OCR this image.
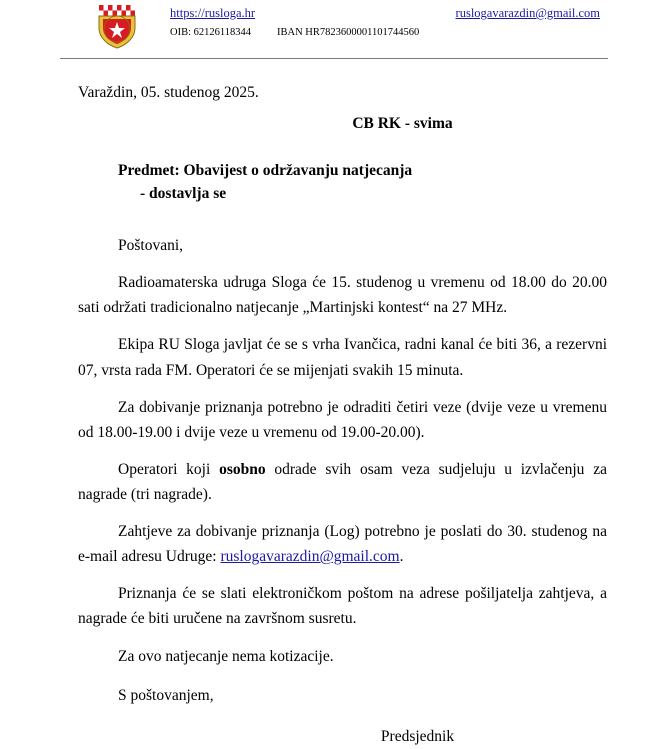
https://rusloga.hr	ruslogavarazdin@gmail.com
OIB: 62126118344 IBAN HR7823600001101744560
Varaždin, 05. studenog 2025.
CB RK - svima
Predmet: Obavijest o održavanju natjecanja
- dostavlja se
Poštovani,

Radioamaterska udruga Sloga će 15. studenog u vremenu od 18.00 do 20.00 sati održati tradicionalno natjecanje „Martinjski kontest“ na 27 MHz.

Ekipa RU Sloga javljat će se s vrha Ivančica, radni kanal će biti 36, a rezervni 07, vrsta rada FM. Operatori će se mijenjati svakih 15 minuta.

Za dobivanje priznanja potrebno je odraditi četiri veze (dvije veze u vremenu od 18.00-19.00 i dvije veze u vremenu od 19.00-20.00).

Operatori koji osobno odrade svih osam veza sudjeluju u izvlačenju za nagrade (tri nagrade).

Zahtjeve za dobivanje priznanja (Log) potrebno je poslati do 30. studenog na e-mail adresu Udruge: ruslogavarazdin@gmail.com.

Priznanja će se slati elektroničkom poštom na adrese pošiljatelja zahtjeva, a nagrade će biti uručene na završnom susretu.

Za ovo natjecanje nema kotizacije.

S poštovanjem,
Predsjednik
